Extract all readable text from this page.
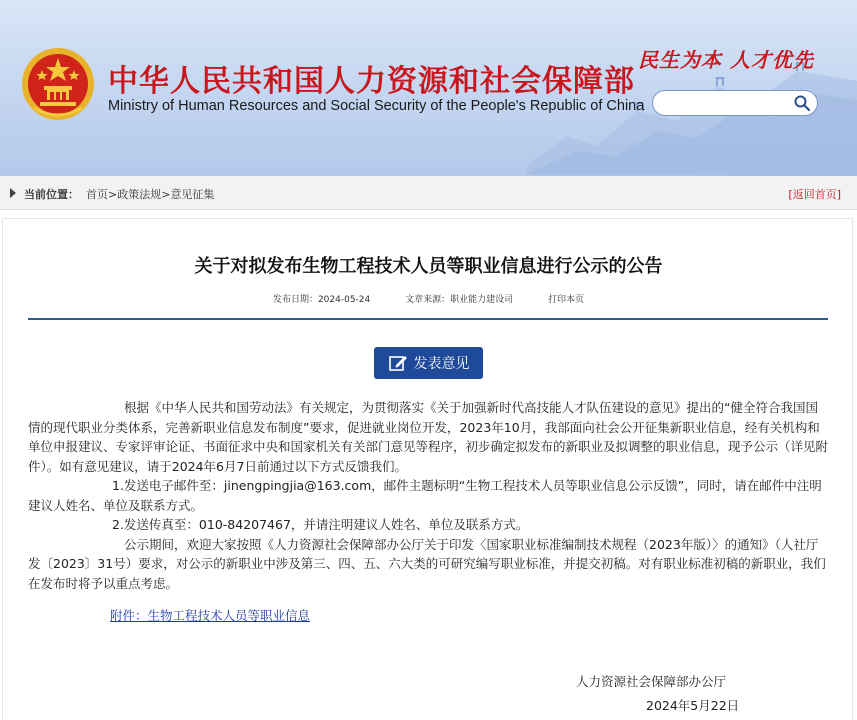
中华人民共和国人力资源和社会保障部
Ministry of Human Resources and Social Security of the People's Republic of China
民生为本 人才优先
当前位置： 首页>政策法规>意见征集	[返回首页]
关于对拟发布生物工程技术人员等职业信息进行公示的公告
发布日期：2024-05-24	文章来源：职业能力建设司	打印本页
发表意见

根据《中华人民共和国劳动法》有关规定，为贯彻落实《关于加强新时代高技能人才队伍建设的意见》提出的“健全符合我国国情的现代职业分类体系，完善新职业信息发布制度”要求，促进就业岗位开发，2023年10月，我部面向社会公开征集新职业信息，经有关机构和单位申报建议、专家评审论证、书面征求中央和国家机关有关部门意见等程序，初步确定拟发布的新职业及拟调整的职业信息，现予公示（详见附件）。如有意见建议，请于2024年6月7日前通过以下方式反馈我们。

1.发送电子邮件至：jinengpingjia@163.com，邮件主题标明“生物工程技术人员等职业信息公示反馈”，同时，请在邮件中注明建议人姓名、单位及联系方式。

2.发送传真至：010-84207467，并请注明建议人姓名、单位及联系方式。

公示期间，欢迎大家按照《人力资源社会保障部办公厅关于印发〈国家职业标准编制技术规程（2023年版）〉的通知》（人社厅发〔2023〕31号）要求，对公示的新职业中涉及第三、四、五、六大类的可研究编写职业标准，并提交初稿。对有职业标准初稿的新职业，我们在发布时将予以重点考虑。

附件：生物工程技术人员等职业信息
人力资源社会保障部办公厅
2024年5月22日
